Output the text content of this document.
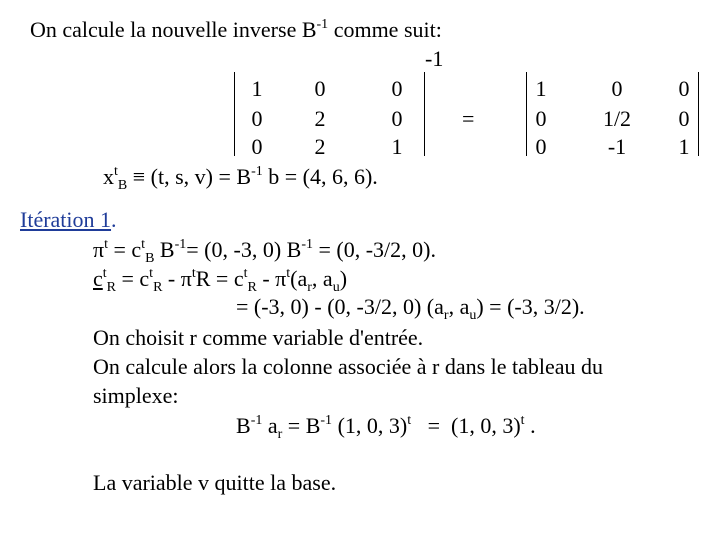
On calcule la nouvelle inverse $B^{-1}$ comme suit:
-1
1	0	0
0	2	0
0	2	1
=
1	0	0
0	1/2	0
0	-1	1
$x^t_B \equiv (t$, s, $v) = B^{-1}$ b = (4, 6, 6).
Itération 1.
$\pi^t = c^t_B$ $B^{-1}= (0$, -3, 0) $B^{-1} = (0$, -3/2, 0).
$c^t_R = c^t_R - \pi^tR = c^t_R - \pi^t(a_r$, $a_u$)
= (-3, 0) - (0, -3/2, 0) ($a_r$, $a_u) = (-3$, 3/2).
On choisit r comme variable d'entrée.
On calcule alors la colonne associée à r dans le tableau du
simplexe:
$B^{-1}$ $a_r = B^{-1}$ (1, 0, 3)$^t$   =  (1, 0, 3)$^t$ .
La variable v quitte la base.
